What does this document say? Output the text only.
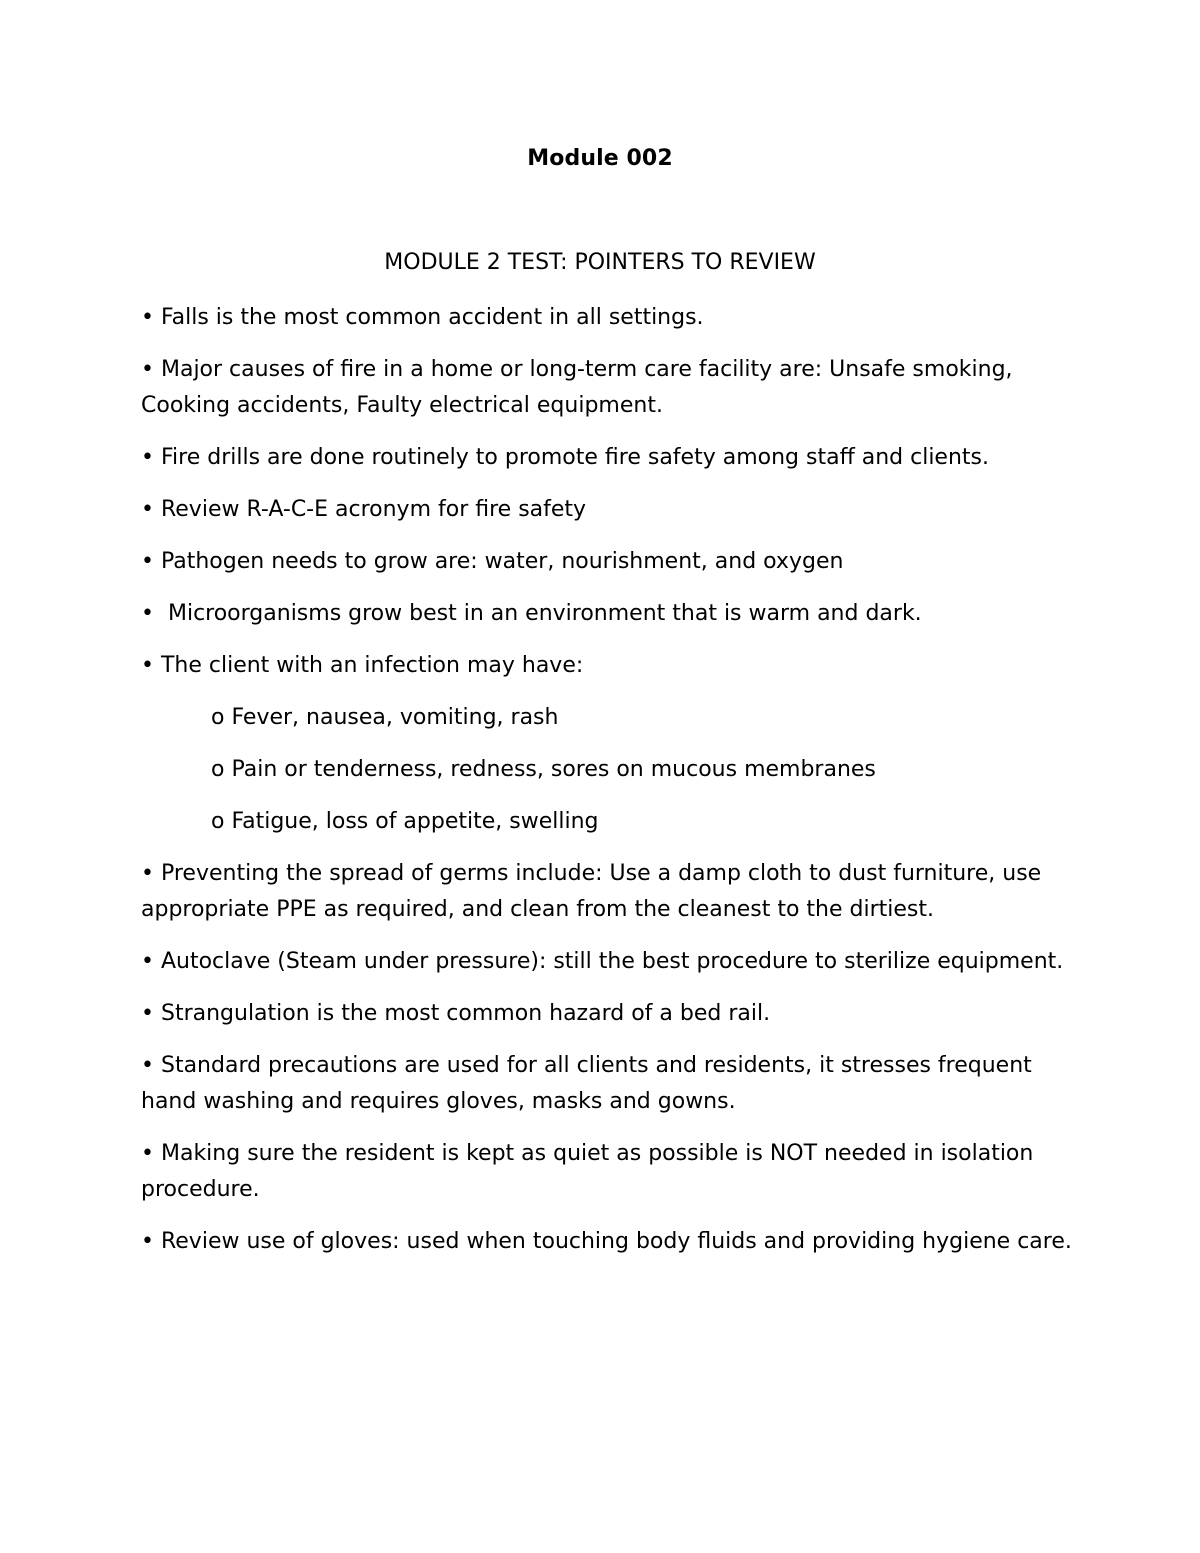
Module 002
MODULE 2 TEST: POINTERS TO REVIEW
• Falls is the most common accident in all settings.
• Major causes of fire in a home or long-term care facility are: Unsafe smoking, Cooking accidents, Faulty electrical equipment.
• Fire drills are done routinely to promote fire safety among staff and clients.
• Review R-A-C-E acronym for fire safety
• Pathogen needs to grow are: water, nourishment, and oxygen
•  Microorganisms grow best in an environment that is warm and dark.
• The client with an infection may have:
o Fever, nausea, vomiting, rash
o Pain or tenderness, redness, sores on mucous membranes
o Fatigue, loss of appetite, swelling
• Preventing the spread of germs include: Use a damp cloth to dust furniture, use appropriate PPE as required, and clean from the cleanest to the dirtiest.
• Autoclave (Steam under pressure): still the best procedure to sterilize equipment.
• Strangulation is the most common hazard of a bed rail.
• Standard precautions are used for all clients and residents, it stresses frequent hand washing and requires gloves, masks and gowns.
• Making sure the resident is kept as quiet as possible is NOT needed in isolation procedure.
• Review use of gloves: used when touching body fluids and providing hygiene care.
